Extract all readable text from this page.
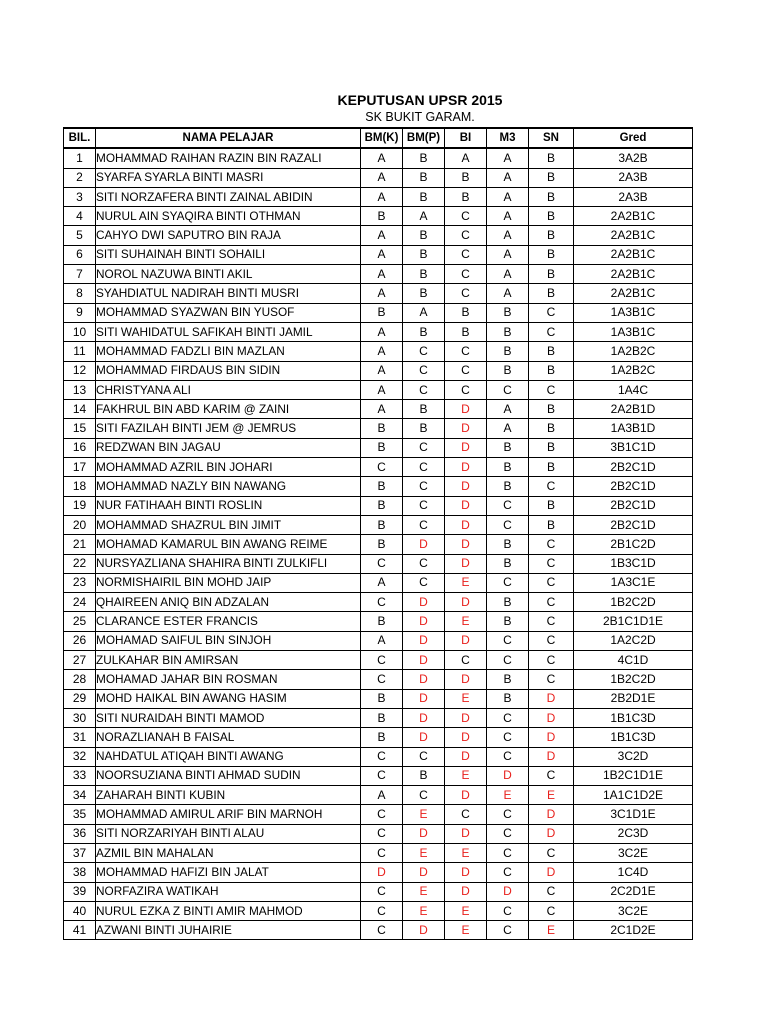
KEPUTUSAN UPSR 2015
SK BUKIT GARAM.
BIL.	NAMA PELAJAR	BM(K)	BM(P)	BI	M3	SN	Gred
1	MOHAMMAD RAIHAN RAZIN BIN RAZALI	A	B	A	A	B	3A2B
2	SYARFA SYARLA BINTI MASRI	A	B	B	A	B	2A3B
3	SITI NORZAFERA BINTI ZAINAL ABIDIN	A	B	B	A	B	2A3B
4	NURUL AIN SYAQIRA BINTI OTHMAN	B	A	C	A	B	2A2B1C
5	CAHYO DWI SAPUTRO BIN RAJA	A	B	C	A	B	2A2B1C
6	SITI SUHAINAH BINTI SOHAILI	A	B	C	A	B	2A2B1C
7	NOROL NAZUWA BINTI AKIL	A	B	C	A	B	2A2B1C
8	SYAHDIATUL NADIRAH BINTI MUSRI	A	B	C	A	B	2A2B1C
9	MOHAMMAD SYAZWAN BIN YUSOF	B	A	B	B	C	1A3B1C
10	SITI WAHIDATUL SAFIKAH BINTI JAMIL	A	B	B	B	C	1A3B1C
11	MOHAMMAD FADZLI BIN MAZLAN	A	C	C	B	B	1A2B2C
12	MOHAMMAD FIRDAUS BIN SIDIN	A	C	C	B	B	1A2B2C
13	CHRISTYANA ALI	A	C	C	C	C	1A4C
14	FAKHRUL BIN ABD KARIM @ ZAINI	A	B	D	A	B	2A2B1D
15	SITI FAZILAH BINTI JEM @ JEMRUS	B	B	D	A	B	1A3B1D
16	REDZWAN BIN JAGAU	B	C	D	B	B	3B1C1D
17	MOHAMMAD AZRIL BIN JOHARI	C	C	D	B	B	2B2C1D
18	MOHAMMAD NAZLY BIN NAWANG	B	C	D	B	C	2B2C1D
19	NUR FATIHAAH BINTI ROSLIN	B	C	D	C	B	2B2C1D
20	MOHAMMAD SHAZRUL BIN JIMIT	B	C	D	C	B	2B2C1D
21	MOHAMAD KAMARUL BIN AWANG REIME	B	D	D	B	C	2B1C2D
22	NURSYAZLIANA SHAHIRA BINTI ZULKIFLI	C	C	D	B	C	1B3C1D
23	NORMISHAIRIL BIN MOHD JAIP	A	C	E	C	C	1A3C1E
24	QHAIREEN ANIQ BIN ADZALAN	C	D	D	B	C	1B2C2D
25	CLARANCE ESTER FRANCIS	B	D	E	B	C	2B1C1D1E
26	MOHAMAD SAIFUL BIN SINJOH	A	D	D	C	C	1A2C2D
27	ZULKAHAR BIN AMIRSAN	C	D	C	C	C	4C1D
28	MOHAMAD JAHAR BIN ROSMAN	C	D	D	B	C	1B2C2D
29	MOHD HAIKAL BIN AWANG HASIM	B	D	E	B	D	2B2D1E
30	SITI NURAIDAH BINTI MAMOD	B	D	D	C	D	1B1C3D
31	NORAZLIANAH B FAISAL	B	D	D	C	D	1B1C3D
32	NAHDATUL ATIQAH BINTI AWANG	C	C	D	C	D	3C2D
33	NOORSUZIANA BINTI AHMAD SUDIN	C	B	E	D	C	1B2C1D1E
34	ZAHARAH BINTI KUBIN	A	C	D	E	E	1A1C1D2E
35	MOHAMMAD AMIRUL ARIF BIN MARNOH	C	E	C	C	D	3C1D1E
36	SITI NORZARIYAH BINTI ALAU	C	D	D	C	D	2C3D
37	AZMIL BIN MAHALAN	C	E	E	C	C	3C2E
38	MOHAMMAD HAFIZI BIN JALAT	D	D	D	C	D	1C4D
39	NORFAZIRA WATIKAH	C	E	D	D	C	2C2D1E
40	NURUL EZKA Z BINTI AMIR MAHMOD	C	E	E	C	C	3C2E
41	AZWANI BINTI JUHAIRIE	C	D	E	C	E	2C1D2E
